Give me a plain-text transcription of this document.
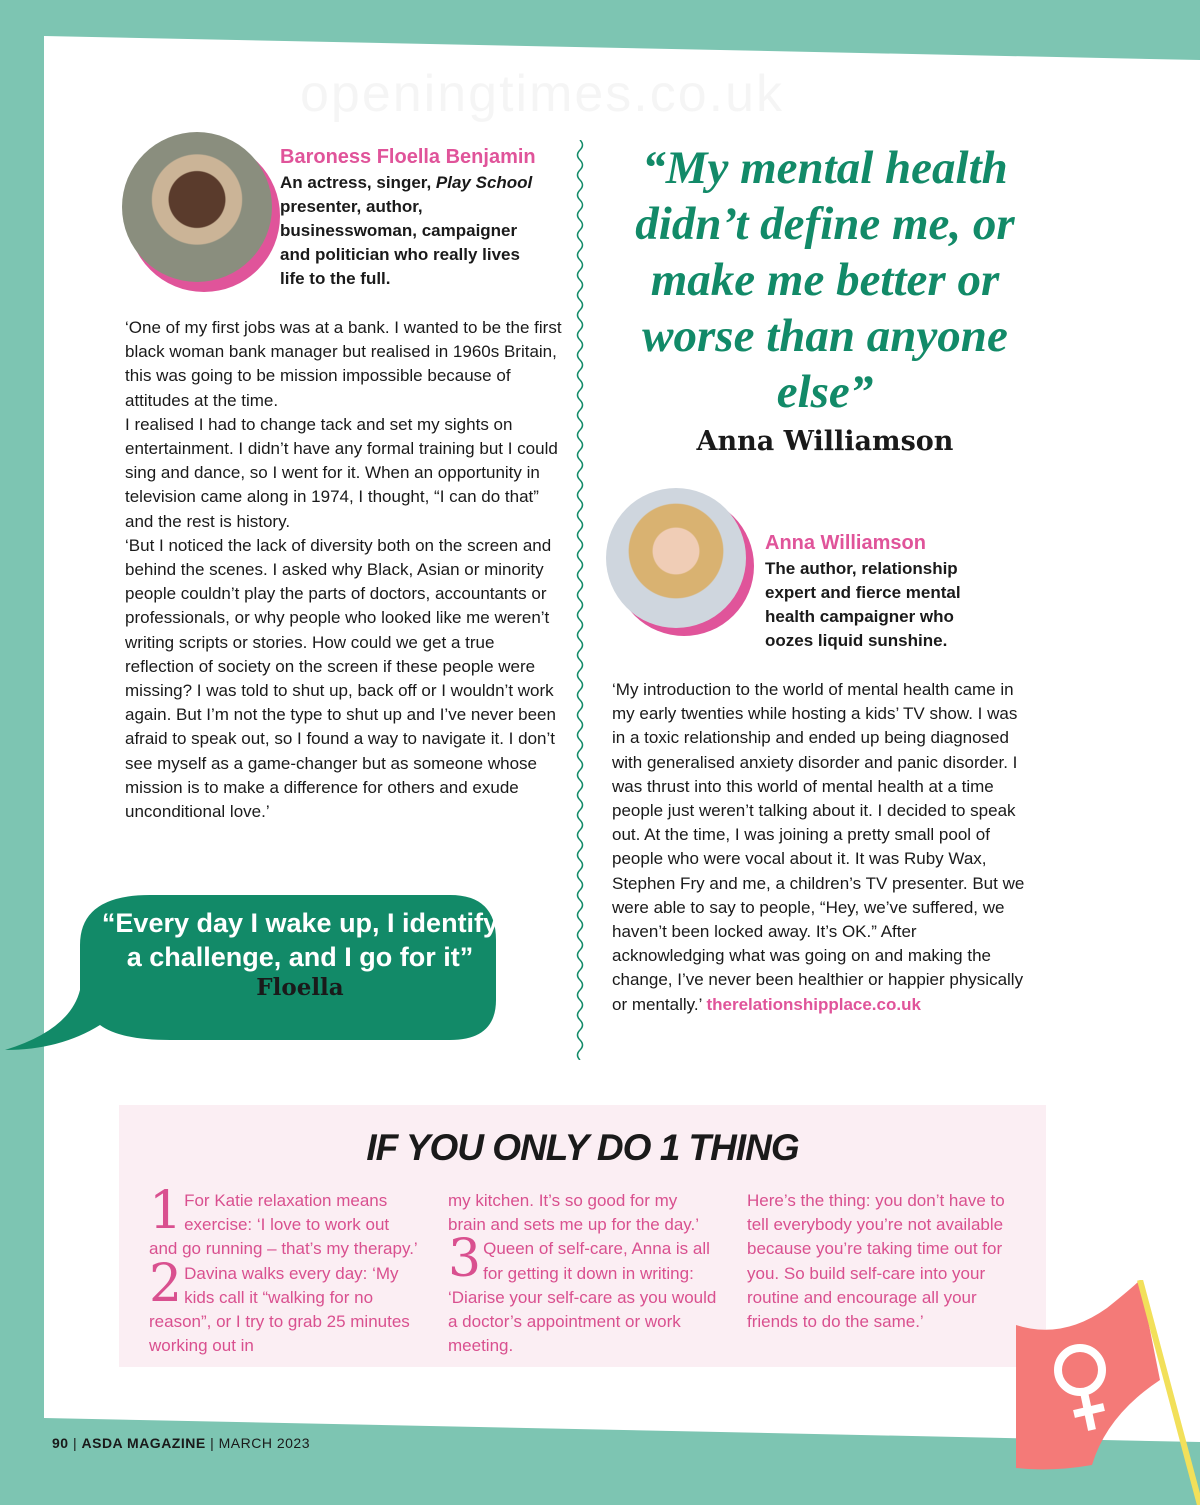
Baroness Floella Benjamin
An actress, singer, Play School presenter, author, businesswoman, campaigner and politician who really lives life to the full.
‘One of my first jobs was at a bank. I wanted to be the first black woman bank manager but realised in 1960s Britain, this was going to be mission impossible because of attitudes at the time.
I realised I had to change tack and set my sights on entertainment. I didn’t have any formal training but I could sing and dance, so I went for it. When an opportunity in television came along in 1974, I thought, “I can do that” and the rest is history.
‘But I noticed the lack of diversity both on the screen and behind the scenes. I asked why Black, Asian or minority people couldn’t play the parts of doctors, accountants or professionals, or why people who looked like me weren’t writing scripts or stories. How could we get a true reflection of society on the screen if these people were missing? I was told to shut up, back off or I wouldn’t work again. But I’m not the type to shut up and I’ve never been afraid to speak out, so I found a way to navigate it. I don’t see myself as a game-changer but as someone whose mission is to make a difference for others and exude unconditional love.’
“Every day I wake up, I identify a challenge, and I go for it”
Floella
“My mental health didn’t define me, or make me better or worse than anyone else”
Anna Williamson
Anna Williamson
The author, relationship expert and fierce mental health campaigner who oozes liquid sunshine.
‘My introduction to the world of mental health came in my early twenties while hosting a kids’ TV show. I was in a toxic relationship and ended up being diagnosed with generalised anxiety disorder and panic disorder. I was thrust into this world of mental health at a time people just weren’t talking about it. I decided to speak out. At the time, I was joining a pretty small pool of people who were vocal about it. It was Ruby Wax, Stephen Fry and me, a children’s TV presenter. But we were able to say to people, “Hey, we’ve suffered, we haven’t been locked away. It’s OK.” After acknowledging what was going on and making the change, I’ve never been healthier or happier physically or mentally.’ therelationshipplace.co.uk
IF YOU ONLY DO 1 THING
1 For Katie relaxation means exercise: ‘I love to work out and go running – that’s my therapy.’
2 Davina walks every day: ‘My kids call it “walking for no reason”, or I try to grab 25 minutes working out in
my kitchen. It’s so good for my brain and sets me up for the day.’
3 Queen of self-care, Anna is all for getting it down in writing: ‘Diarise your self-care as you would a doctor’s appointment or work meeting.
Here’s the thing: you don’t have to tell everybody you’re not available because you’re taking time out for you. So build self-care into your routine and encourage all your friends to do the same.’
90 | ASDA MAGAZINE | MARCH 2023
